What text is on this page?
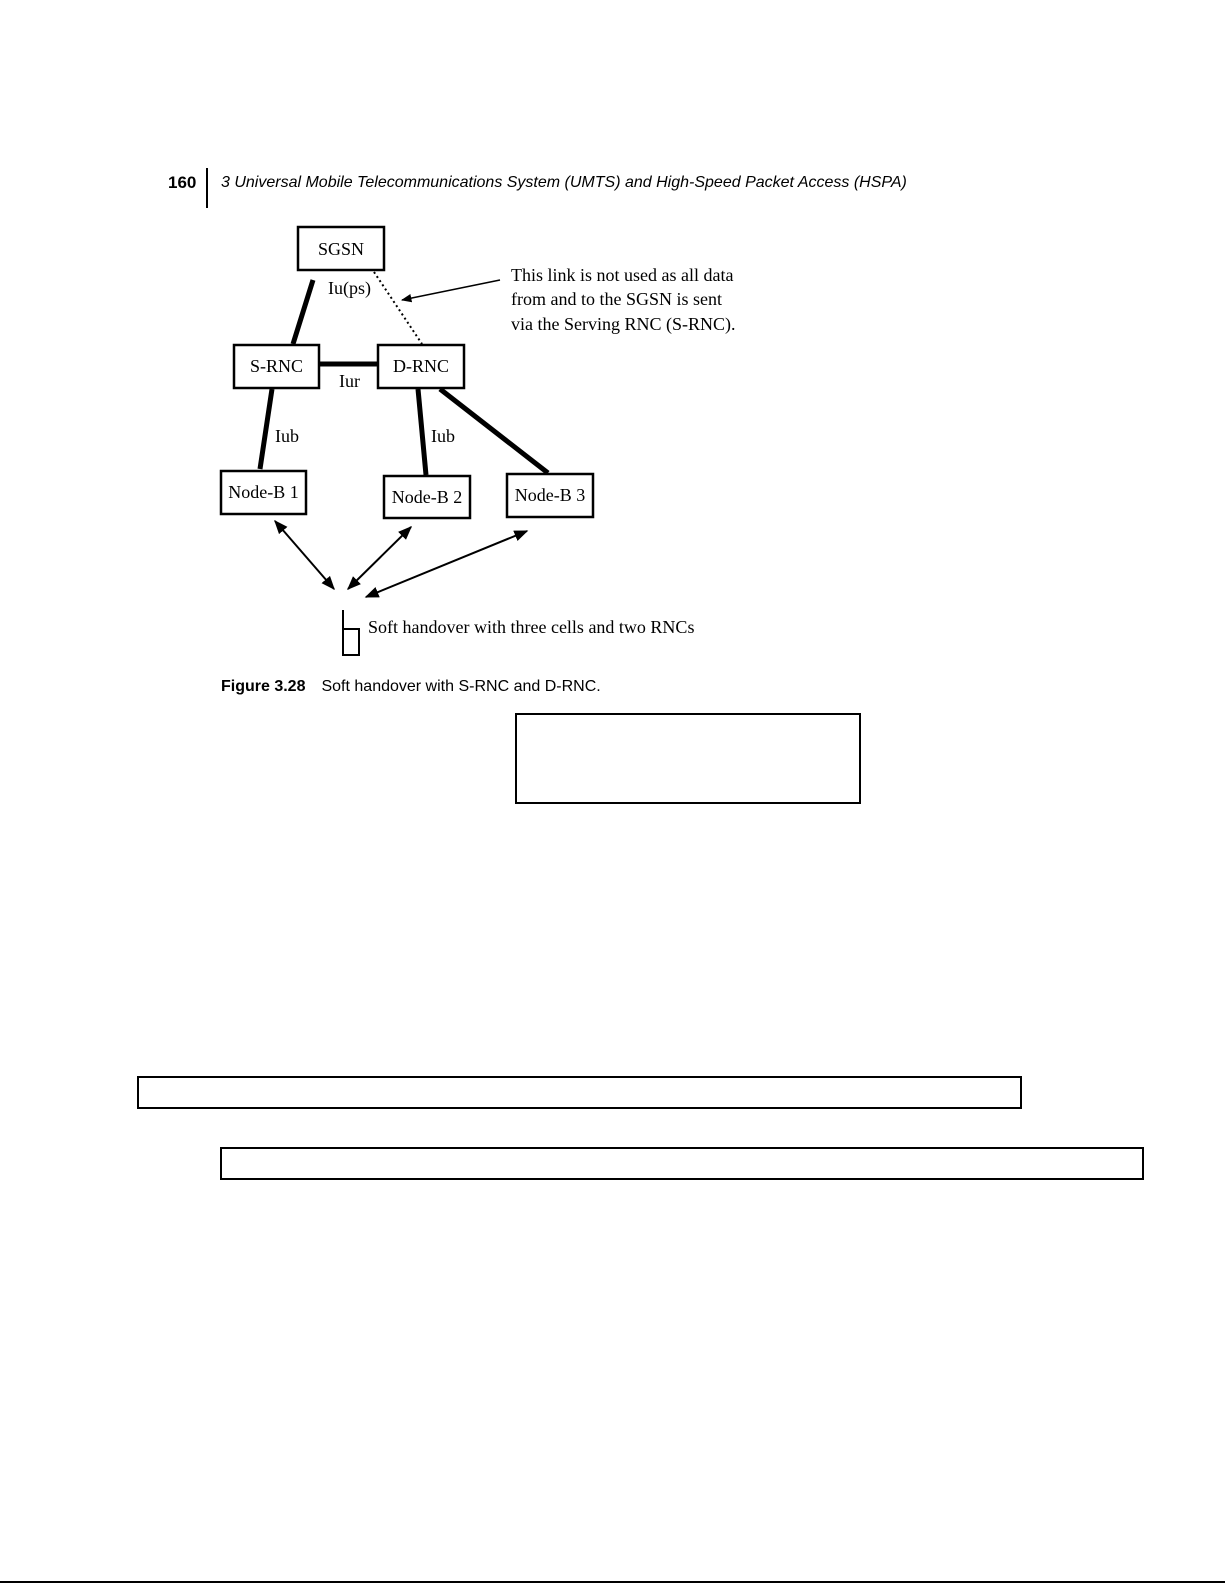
160 3 Universal Mobile Telecommunications System (UMTS) and High-Speed Packet Access (HSPA)
SGSN
S-RNC	D-RNC
Node-B 1	Node-B 2	Node-B 3
Iu(ps)
Iur
Iub	Iub
This link is not used as all data
from and to the SGSN is sent
via the Serving RNC (S-RNC).
Soft handover with three cells and two RNCs
Figure 3.28 Soft handover with S-RNC and D-RNC.
